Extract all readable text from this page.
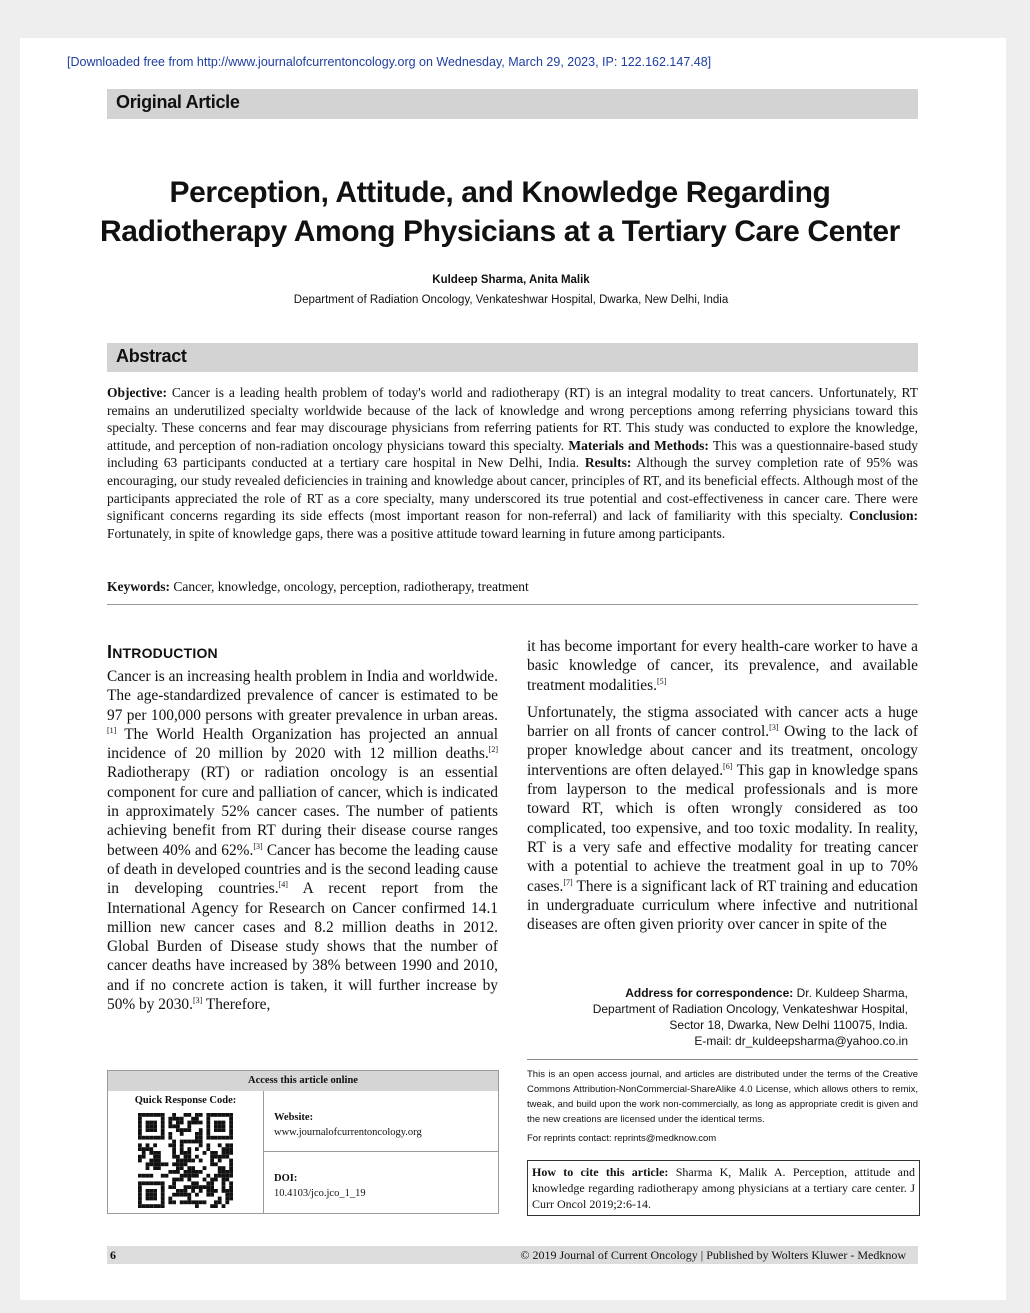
[Downloaded free from http://www.journalofcurrentoncology.org on Wednesday, March 29, 2023, IP: 122.162.147.48]
Original Article
Perception, Attitude, and Knowledge Regarding Radiotherapy Among Physicians at a Tertiary Care Center
Kuldeep Sharma, Anita Malik
Department of Radiation Oncology, Venkateshwar Hospital, Dwarka, New Delhi, India
Abstract
Objective: Cancer is a leading health problem of today's world and radiotherapy (RT) is an integral modality to treat cancers. Unfortunately, RT remains an underutilized specialty worldwide because of the lack of knowledge and wrong perceptions among referring physicians toward this specialty. These concerns and fear may discourage physicians from referring patients for RT. This study was conducted to explore the knowledge, attitude, and perception of non-radiation oncology physicians toward this specialty. Materials and Methods: This was a questionnaire-based study including 63 participants conducted at a tertiary care hospital in New Delhi, India. Results: Although the survey completion rate of 95% was encouraging, our study revealed deficiencies in training and knowledge about cancer, principles of RT, and its beneficial effects. Although most of the participants appreciated the role of RT as a core specialty, many underscored its true potential and cost-effectiveness in cancer care. There were significant concerns regarding its side effects (most important reason for non-referral) and lack of familiarity with this specialty. Conclusion: Fortunately, in spite of knowledge gaps, there was a positive attitude toward learning in future among participants.
Keywords: Cancer, knowledge, oncology, perception, radiotherapy, treatment
INTRODUCTION

Cancer is an increasing health problem in India and worldwide. The age-standardized prevalence of cancer is estimated to be 97 per 100,000 persons with greater prevalence in urban areas.[1] The World Health Organization has projected an annual incidence of 20 million by 2020 with 12 million deaths.[2] Radiotherapy (RT) or radiation oncology is an essential component for cure and palliation of cancer, which is indicated in approximately 52% cancer cases. The number of patients achieving benefit from RT during their disease course ranges between 40% and 62%.[3] Cancer has become the leading cause of death in developed countries and is the second leading cause in developing countries.[4] A recent report from the International Agency for Research on Cancer confirmed 14.1 million new cancer cases and 8.2 million deaths in 2012. Global Burden of Disease study shows that the number of cancer deaths have increased by 38% between 1990 and 2010, and if no concrete action is taken, it will further increase by 50% by 2030.[3] Therefore,

it has become important for every health-care worker to have a basic knowledge of cancer, its prevalence, and available treatment modalities.[5]

Unfortunately, the stigma associated with cancer acts a huge barrier on all fronts of cancer control.[3] Owing to the lack of proper knowledge about cancer and its treatment, oncology interventions are often delayed.[6] This gap in knowledge spans from layperson to the medical professionals and is more toward RT, which is often wrongly considered as too complicated, too expensive, and too toxic modality. In reality, RT is a very safe and effective modality for treating cancer with a potential to achieve the treatment goal in up to 70% cases.[7] There is a significant lack of RT training and education in undergraduate curriculum where infective and nutritional diseases are often given priority over cancer in spite of the

Address for correspondence: Dr. Kuldeep Sharma,
Department of Radiation Oncology, Venkateshwar Hospital,
Sector 18, Dwarka, New Delhi 110075, India.
E-mail: dr_kuldeepsharma@yahoo.co.in
This is an open access journal, and articles are distributed under the terms of the Creative Commons Attribution-NonCommercial-ShareAlike 4.0 License, which allows others to remix, tweak, and build upon the work non-commercially, as long as appropriate credit is given and the new creations are licensed under the identical terms.
For reprints contact: reprints@medknow.com
How to cite this article: Sharma K, Malik A. Perception, attitude and knowledge regarding radiotherapy among physicians at a tertiary care center. J Curr Oncol 2019;2:6-14.
Access this article online
Quick Response Code:
Website:
www.journalofcurrentoncology.org
DOI:
10.4103/jco.jco_1_19
6	© 2019 Journal of Current Oncology | Published by Wolters Kluwer - Medknow
